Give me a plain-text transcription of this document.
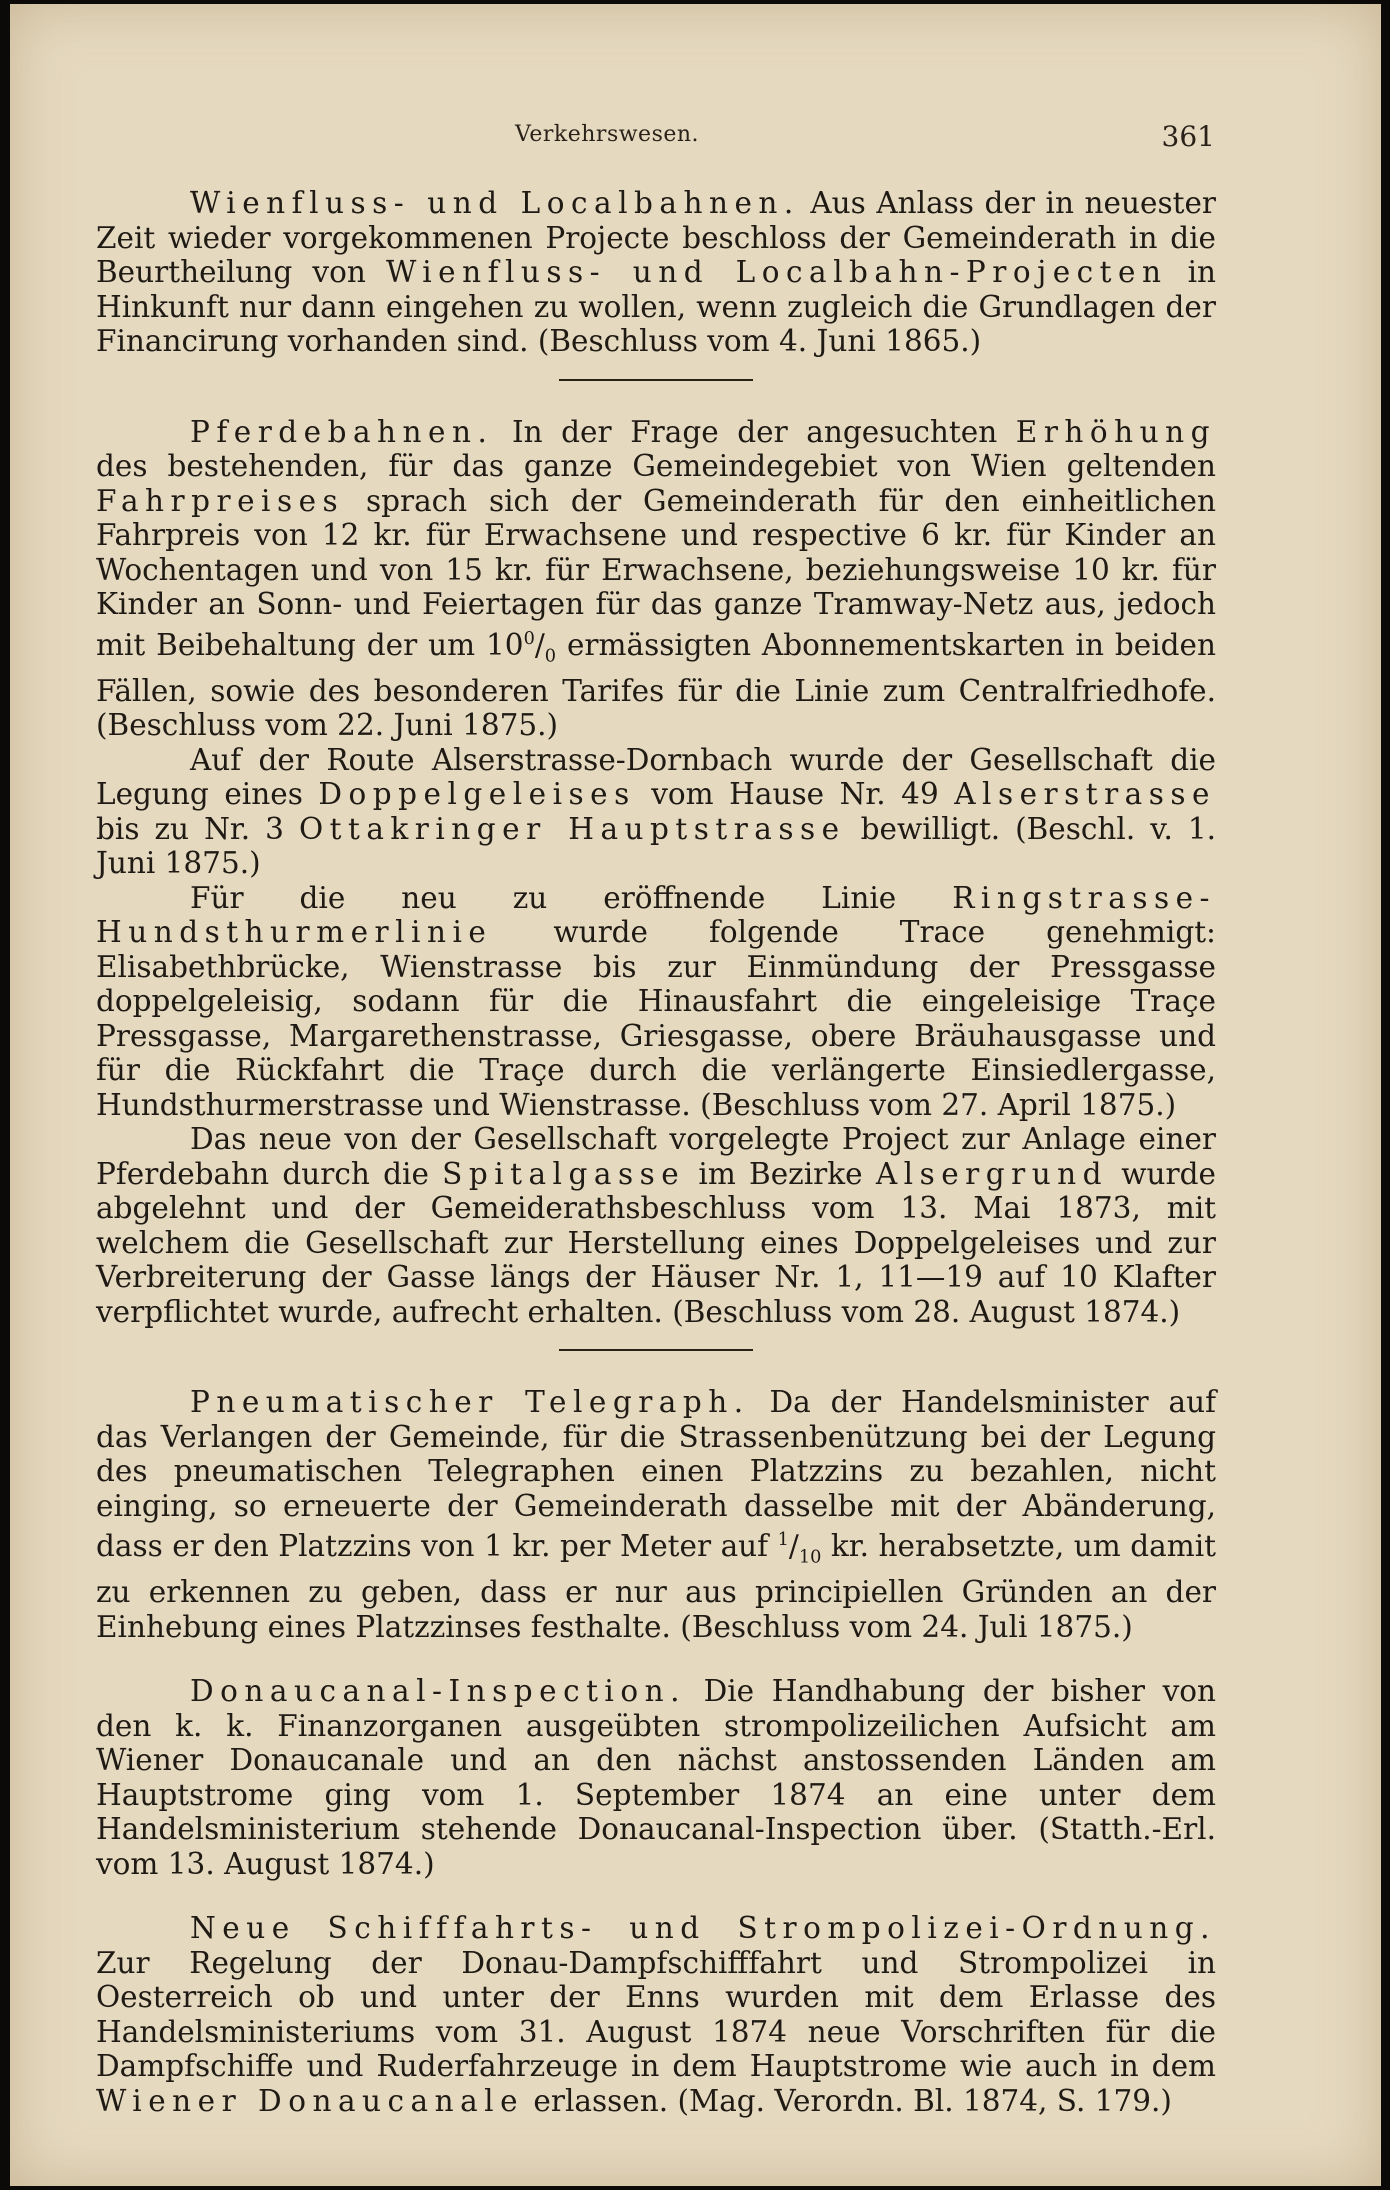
Verkehrswesen.	361

Wienfluss- und Localbahnen. Aus Anlass der in neuester Zeit wieder vorgekommenen Projecte beschloss der Gemeinderath in die Beurtheilung von Wienfluss- und Localbahn-Projecten in Hinkunft nur dann eingehen zu wollen, wenn zugleich die Grundlagen der Financirung vorhanden sind. (Beschluss vom 4. Juni 1865.)

Pferdebahnen. In der Frage der angesuchten Erhöhung des bestehenden, für das ganze Gemeindegebiet von Wien geltenden Fahrpreises sprach sich der Gemeinderath für den einheitlichen Fahrpreis von 12 kr. für Erwachsene und respective 6 kr. für Kinder an Wochentagen und von 15 kr. für Erwachsene, beziehungsweise 10 kr. für Kinder an Sonn- und Feiertagen für das ganze Tramway-Netz aus, jedoch mit Beibehaltung der um $10^0/_0$ ermässigten Abonnementskarten in beiden Fällen, sowie des besonderen Tarifes für die Linie zum Centralfriedhofe. (Beschluss vom 22. Juni 1875.)

Auf der Route Alserstrasse-Dornbach wurde der Gesellschaft die Legung eines Doppelgeleises vom Hause Nr. 49 Alserstrasse bis zu Nr. 3 Ottakringer Hauptstrasse bewilligt. (Beschl. v. 1. Juni 1875.)

Für die neu zu eröffnende Linie Ringstrasse-Hundsthurmerlinie wurde folgende Trace genehmigt: Elisabethbrücke, Wienstrasse bis zur Einmündung der Pressgasse doppelgeleisig, sodann für die Hinausfahrt die eingeleisige Traçe Pressgasse, Margarethenstrasse, Griesgasse, obere Bräuhausgasse und für die Rückfahrt die Traçe durch die verlängerte Einsiedlergasse, Hundsthurmerstrasse und Wienstrasse. (Beschluss vom 27. April 1875.)

Das neue von der Gesellschaft vorgelegte Project zur Anlage einer Pferdebahn durch die Spitalgasse im Bezirke Alsergrund wurde abgelehnt und der Gemeiderathsbeschluss vom 13. Mai 1873, mit welchem die Gesellschaft zur Herstellung eines Doppelgeleises und zur Verbreiterung der Gasse längs der Häuser Nr. 1, 11—19 auf 10 Klafter verpflichtet wurde, aufrecht erhalten. (Beschluss vom 28. August 1874.)

Pneumatischer Telegraph. Da der Handelsminister auf das Verlangen der Gemeinde, für die Strassenbenützung bei der Legung des pneumatischen Telegraphen einen Platzzins zu bezahlen, nicht einging, so erneuerte der Gemeinderath dasselbe mit der Abänderung, dass er den Platzzins von 1 kr. per Meter auf $^1/_{10}$ kr. herabsetzte, um damit zu erkennen zu geben, dass er nur aus principiellen Gründen an der Einhebung eines Platzzinses festhalte. (Beschluss vom 24. Juli 1875.)

Donaucanal-Inspection. Die Handhabung der bisher von den k. k. Finanzorganen ausgeübten strompolizeilichen Aufsicht am Wiener Donaucanale und an den nächst anstossenden Länden am Hauptstrome ging vom 1. September 1874 an eine unter dem Handelsministerium stehende Donaucanal-Inspection über. (Statth.-Erl. vom 13. August 1874.)

Neue Schifffahrts- und Strompolizei-Ordnung. Zur Regelung der Donau-Dampfschifffahrt und Strompolizei in Oesterreich ob und unter der Enns wurden mit dem Erlasse des Handelsministeriums vom 31. August 1874 neue Vorschriften für die Dampfschiffe und Ruderfahrzeuge in dem Hauptstrome wie auch in dem Wiener Donaucanale erlassen. (Mag. Verordn. Bl. 1874, S. 179.)
